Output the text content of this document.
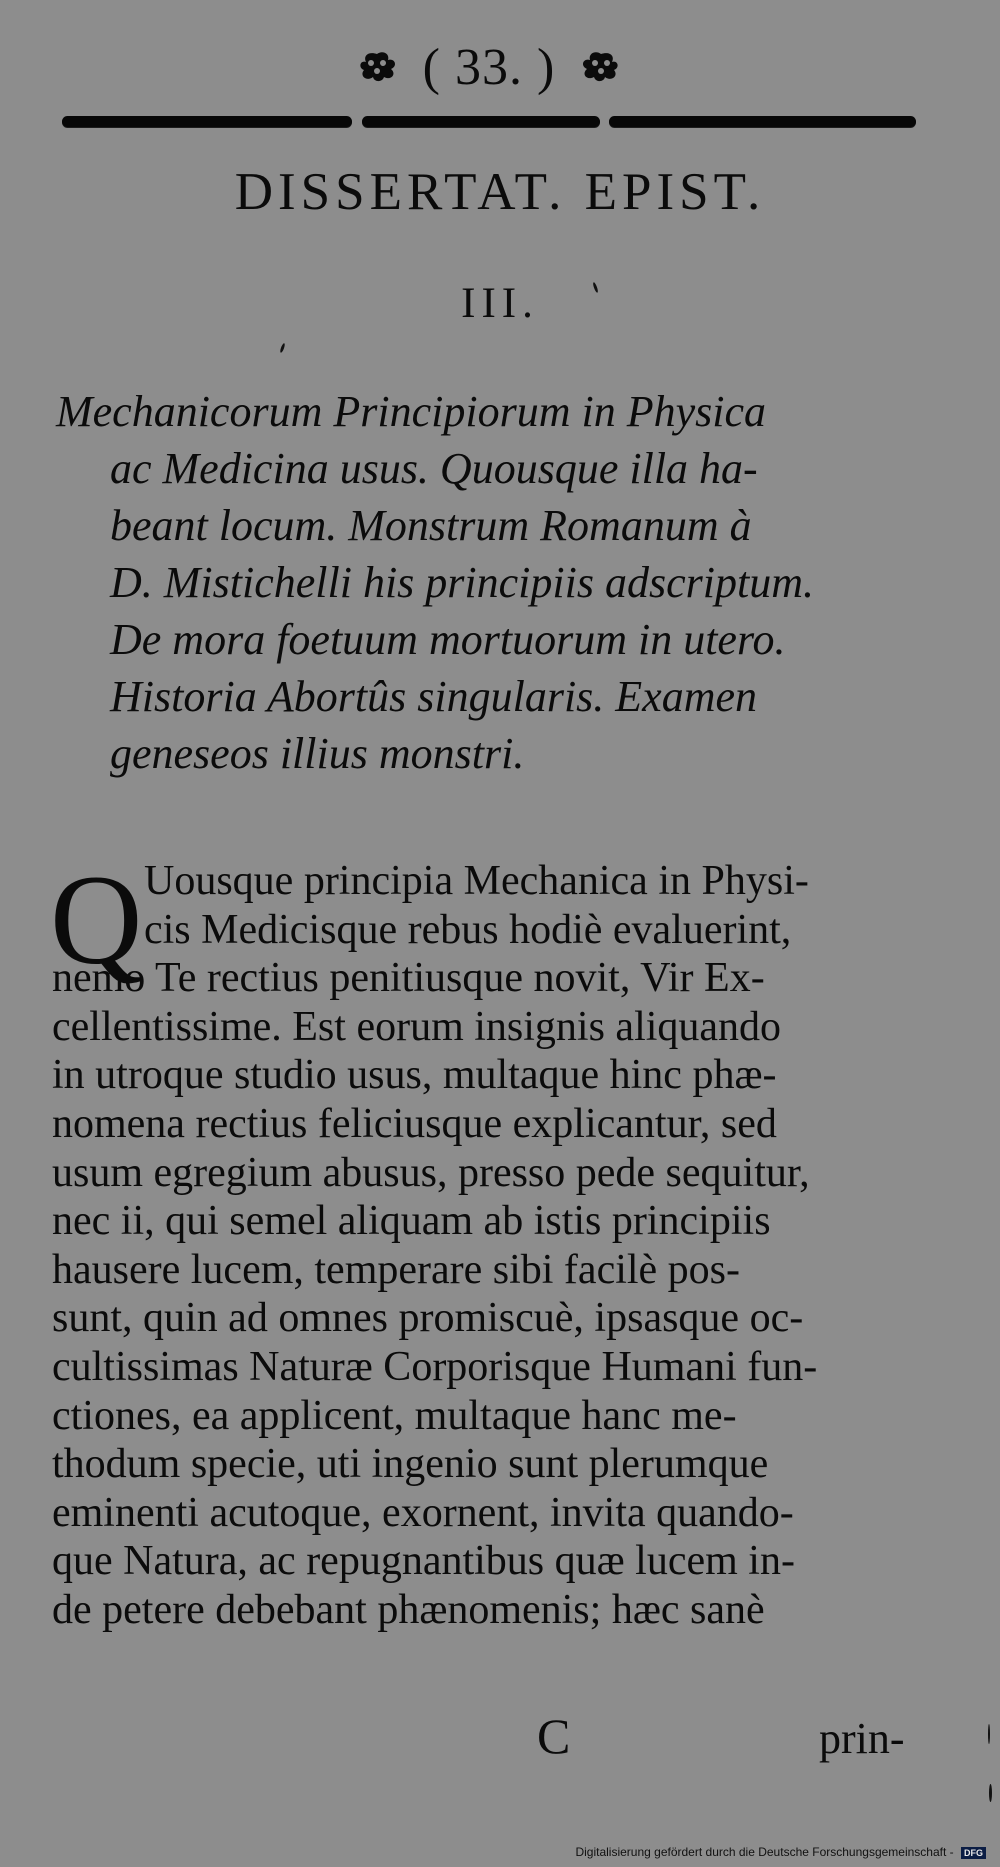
( 33. )
DISSERTAT. EPIST.
III.
Mechanicorum Principiorum in Physica
ac Medicina usus. Quousque illa ha-
beant locum. Monstrum Romanum à
D. Mistichelli his principiis adscriptum.
De mora foetuum mortuorum in utero.
Historia Abortûs singularis. Examen
geneseos illius monstri.
Q Uousque principia Mechanica in Physi-
cis Medicisque rebus hodiè evaluerint,
nemo Te rectius penitiusque novit, Vir Ex-
cellentissime. Est eorum insignis aliquando
in utroque studio usus, multaque hinc phæ-
nomena rectius feliciusque explicantur, sed
usum egregium abusus, presso pede sequitur,
nec ii, qui semel aliquam ab istis principiis
hausere lucem, temperare sibi facilè pos-
sunt, quin ad omnes promiscuè, ipsasque oc-
cultissimas Naturæ Corporisque Humani fun-
ctiones, ea applicent, multaque hanc me-
thodum specie, uti ingenio sunt plerumque
eminenti acutoque, exornent, invita quando-
que Natura, ac repugnantibus quæ lucem in-
de petere debebant phænomenis; hæc sanè
C	prin-
Digitalisierung gefördert durch die Deutsche Forschungsgemeinschaft - DFG
